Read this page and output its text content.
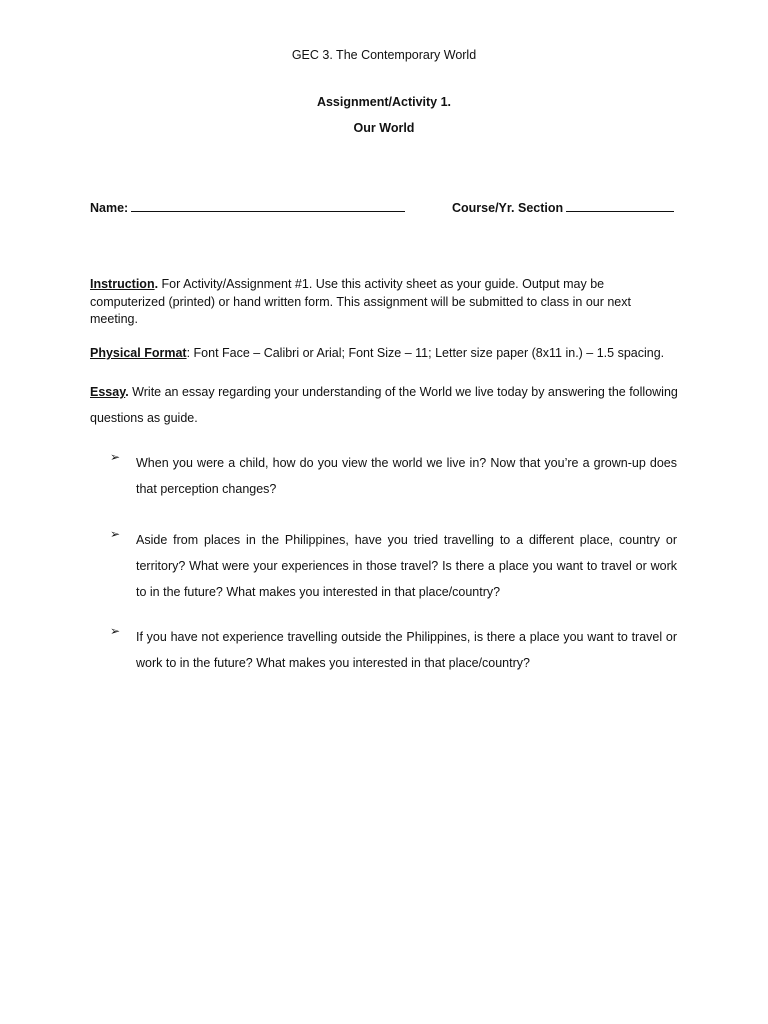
GEC 3. The Contemporary World
Assignment/Activity 1.
Our World
Name:	Course/Yr. Section
Instruction. For Activity/Assignment #1. Use this activity sheet as your guide. Output may be computerized (printed) or hand written form. This assignment will be submitted to class in our next meeting.
Physical Format: Font Face – Calibri or Arial; Font Size – 11; Letter size paper (8x11 in.) – 1.5 spacing.
Essay. Write an essay regarding your understanding of the World we live today by answering the following questions as guide.
➢	When you were a child, how do you view the world we live in? Now that you’re a grown-up does that perception changes?
➢	Aside from places in the Philippines, have you tried travelling to a different place, country or territory? What were your experiences in those travel? Is there a place you want to travel or work to in the future? What makes you interested in that place/country?
➢	If you have not experience travelling outside the Philippines, is there a place you want to travel or work to in the future? What makes you interested in that place/country?
